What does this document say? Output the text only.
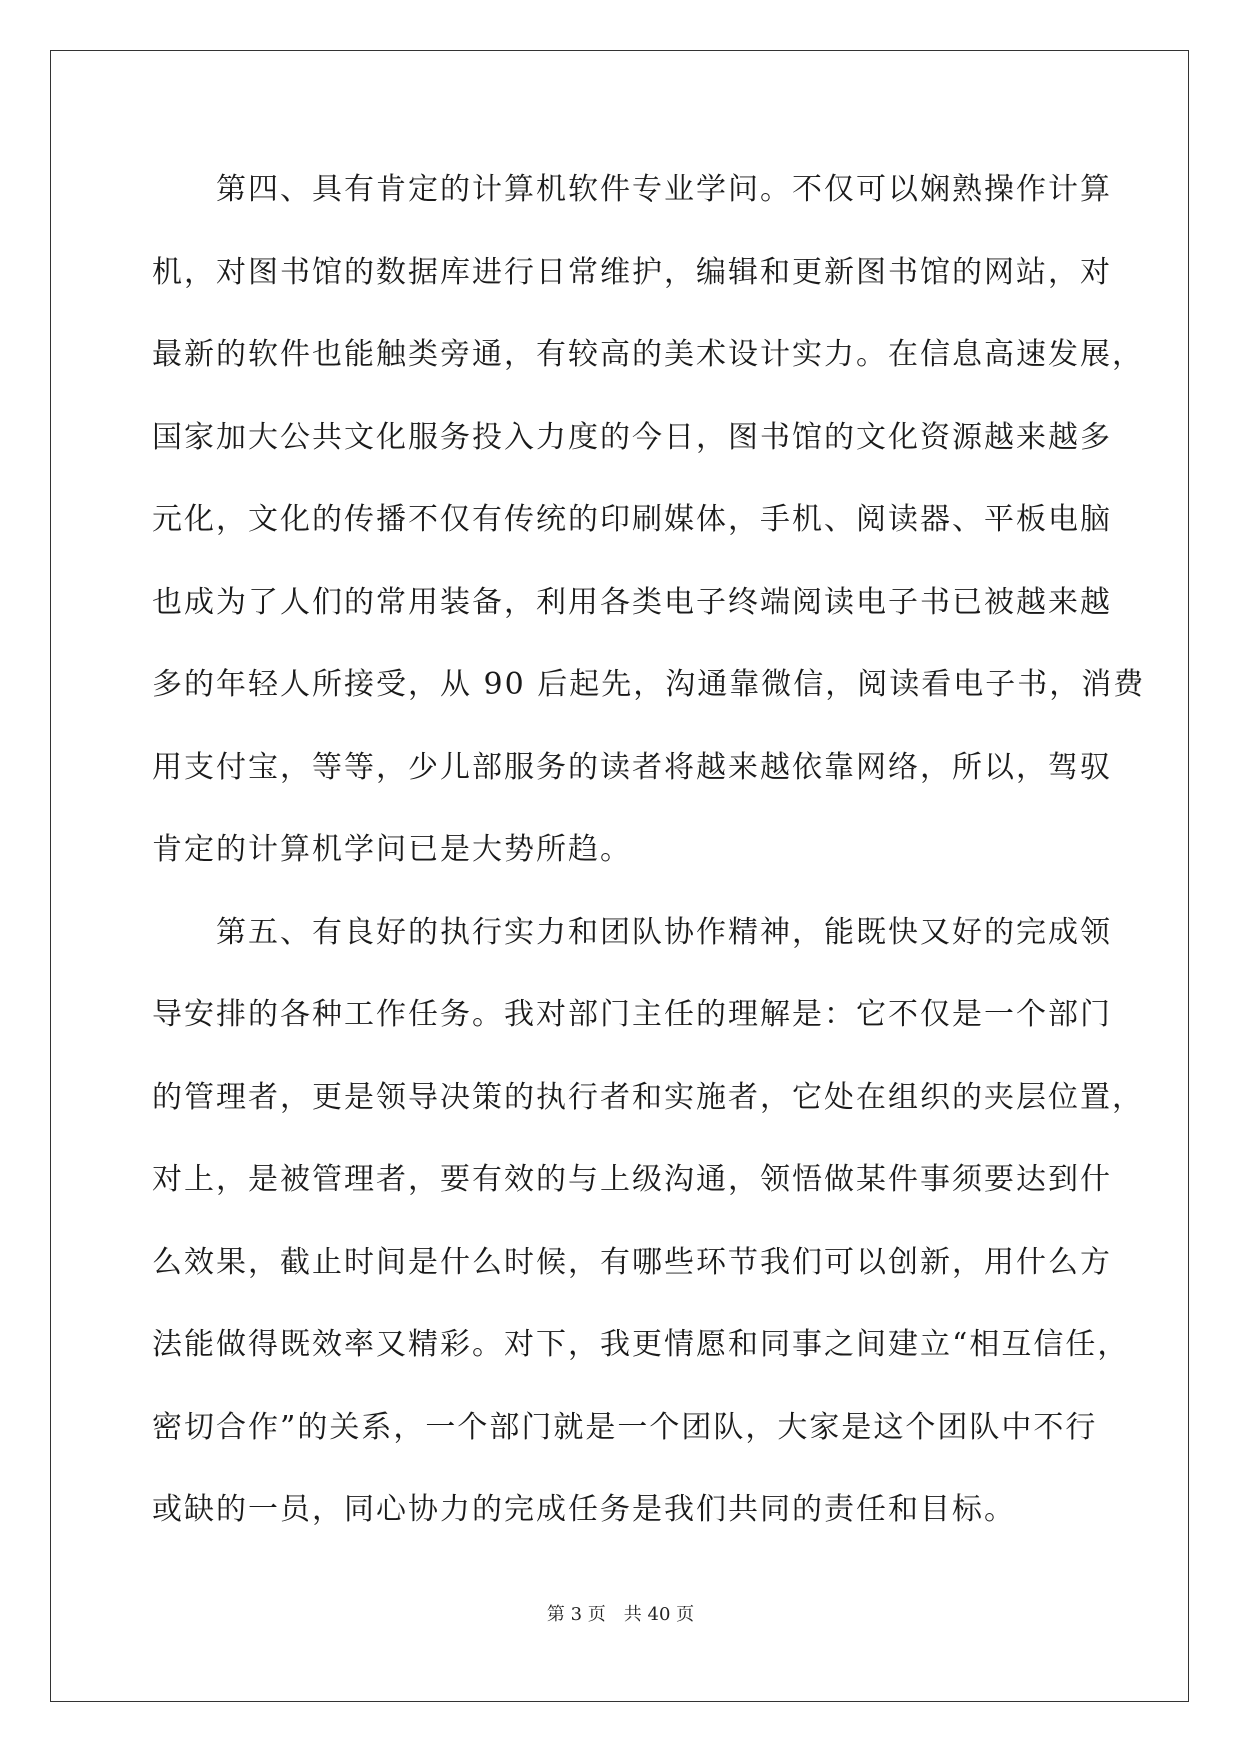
第四、具有肯定的计算机软件专业学问。不仅可以娴熟操作计算
机，对图书馆的数据库进行日常维护，编辑和更新图书馆的网站，对
最新的软件也能触类旁通，有较高的美术设计实力。在信息高速发展，
国家加大公共文化服务投入力度的今日，图书馆的文化资源越来越多
元化，文化的传播不仅有传统的印刷媒体，手机、阅读器、平板电脑
也成为了人们的常用装备，利用各类电子终端阅读电子书已被越来越
多的年轻人所接受，从 90 后起先，沟通靠微信，阅读看电子书，消费
用支付宝，等等，少儿部服务的读者将越来越依靠网络，所以，驾驭
肯定的计算机学问已是大势所趋。
第五、有良好的执行实力和团队协作精神，能既快又好的完成领
导安排的各种工作任务。我对部门主任的理解是：它不仅是一个部门
的管理者，更是领导决策的执行者和实施者，它处在组织的夹层位置，
对上，是被管理者，要有效的与上级沟通，领悟做某件事须要达到什
么效果，截止时间是什么时候，有哪些环节我们可以创新，用什么方
法能做得既效率又精彩。对下，我更情愿和同事之间建立“相互信任，
密切合作”的关系，一个部门就是一个团队，大家是这个团队中不行
或缺的一员，同心协力的完成任务是我们共同的责任和目标。
第 3 页　共 40 页
